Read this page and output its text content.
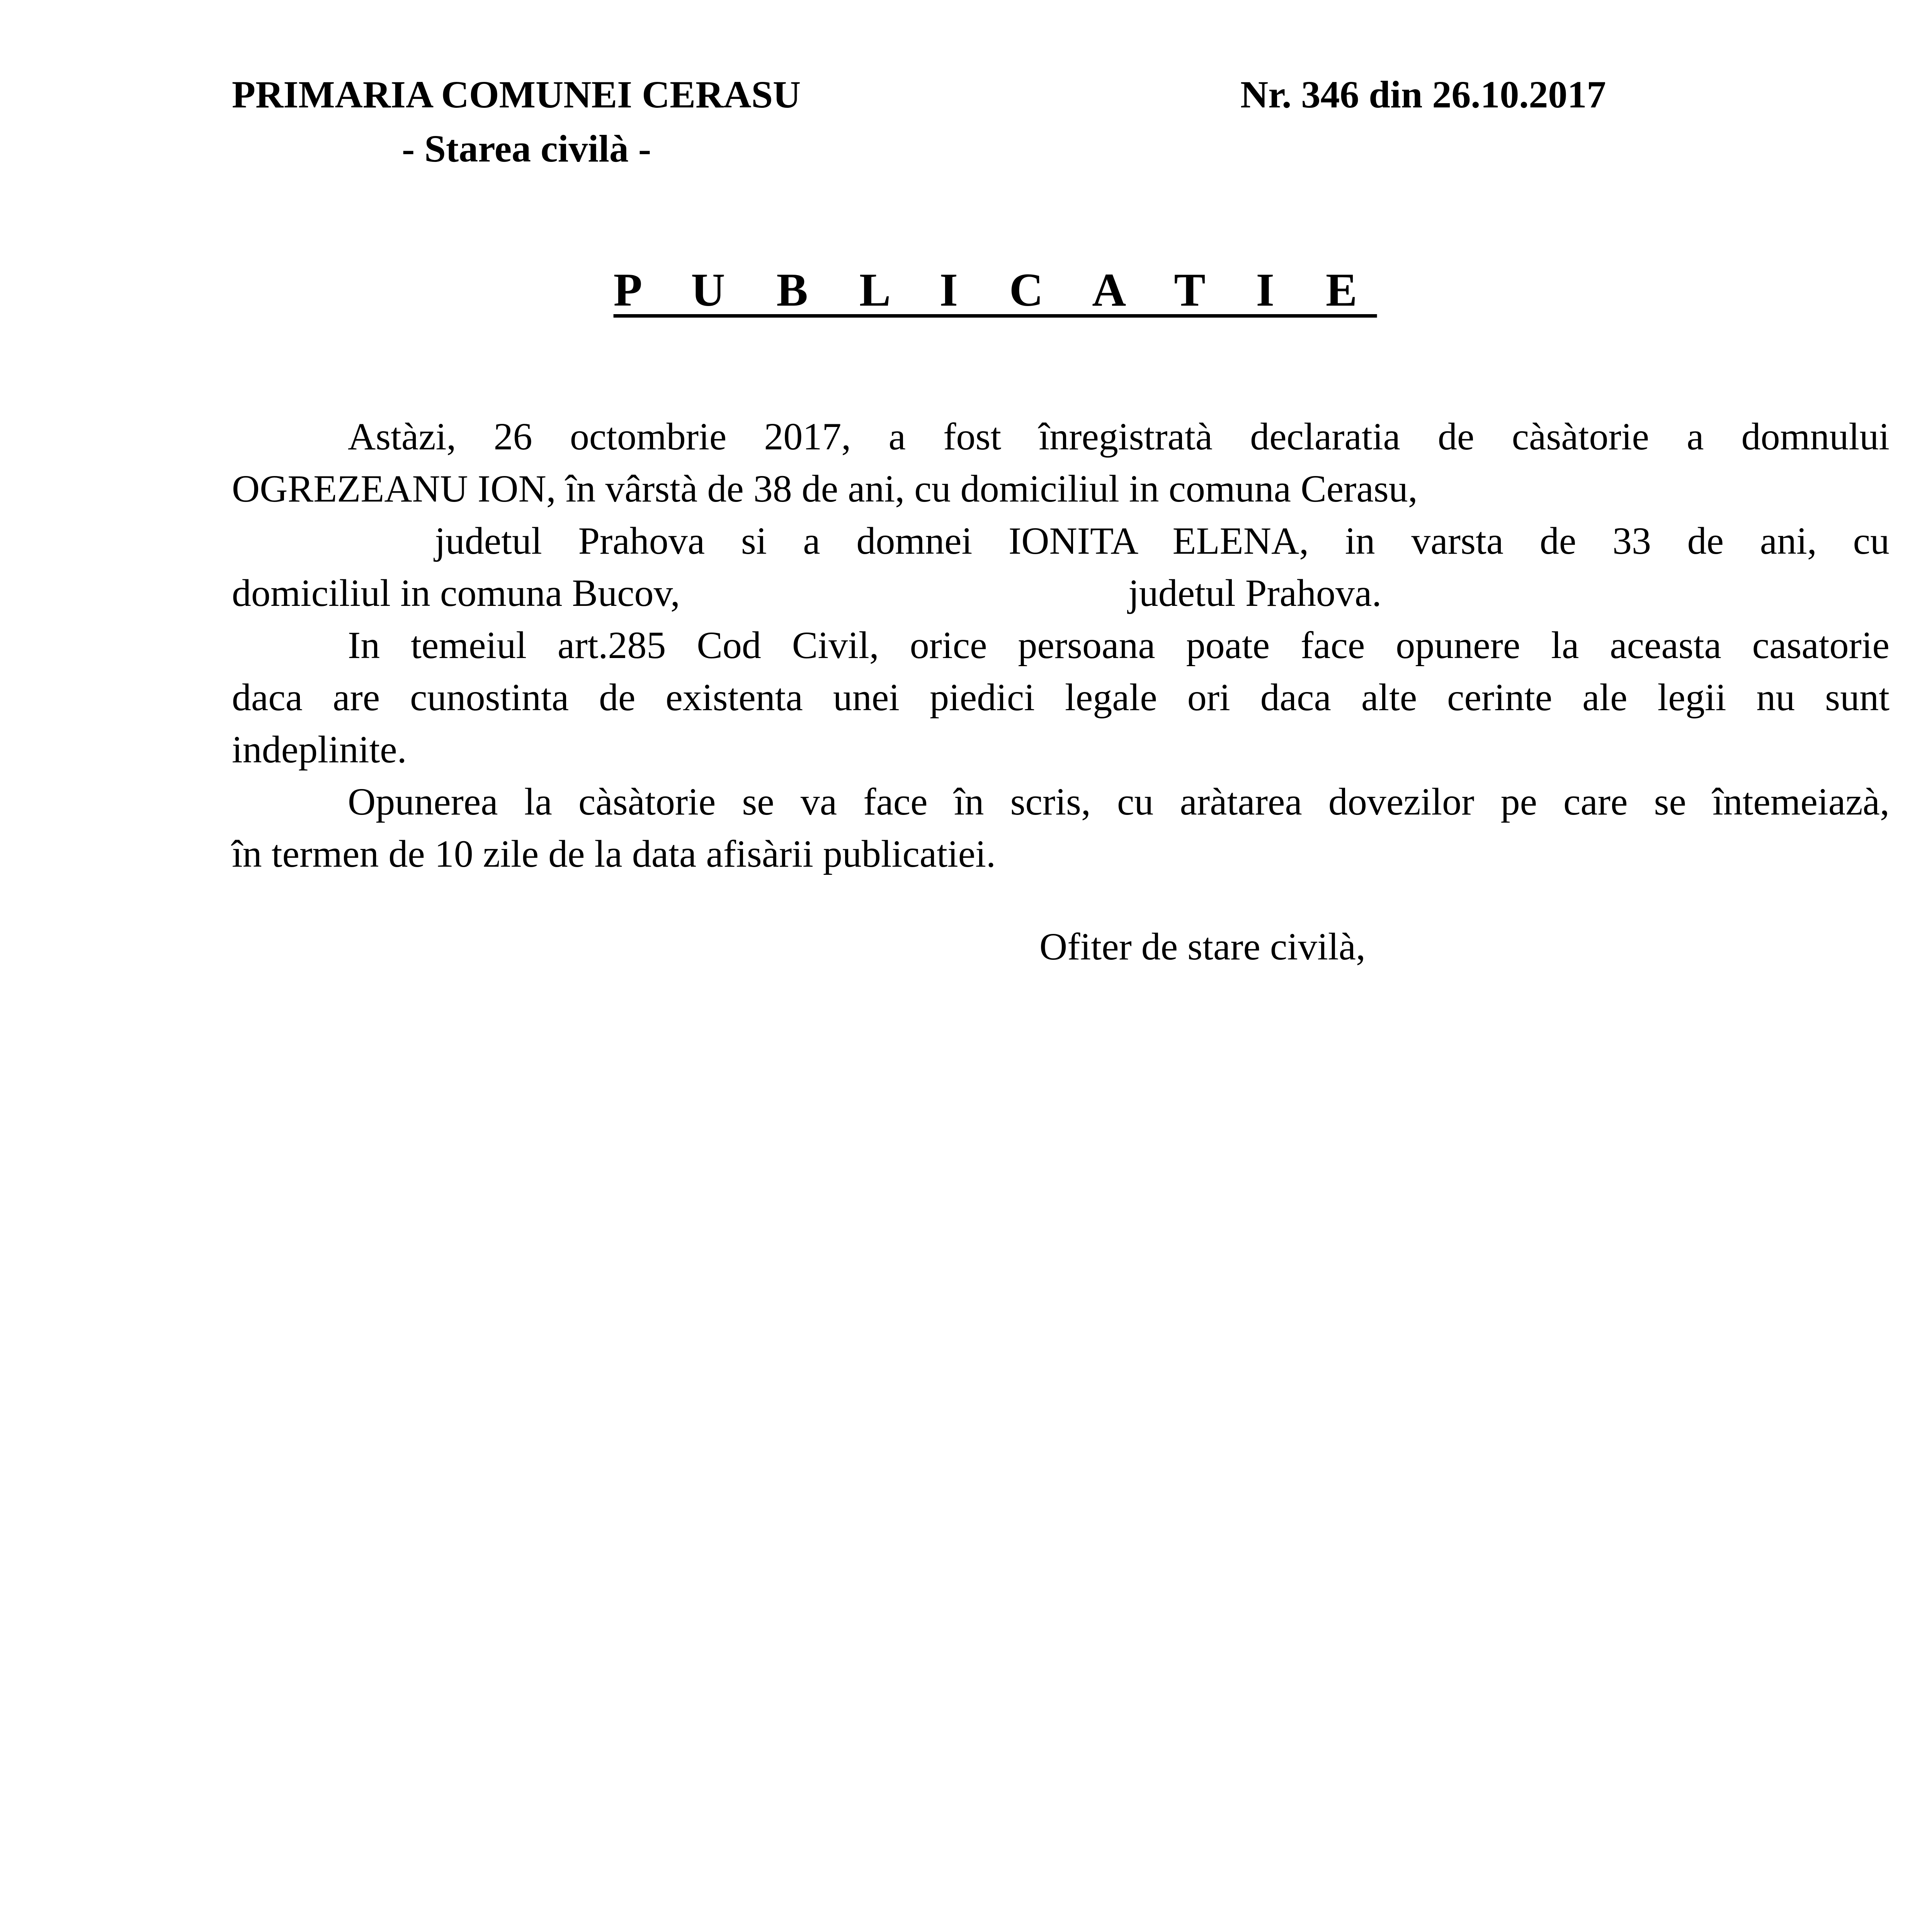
PRIMARIA COMUNEI CERASU
- Starea civilà -
Nr. 346 din 26.10.2017
P U B L I C A T I E
Astàzi, 26 octombrie 2017, a fost înregistratà declaratia de càsàtorie a domnului
OGREZEANU ION, în vârstà de 38 de ani, cu domiciliul in comuna Cerasu,
judetul Prahova si a domnei IONITA ELENA, in varsta de 33 de ani, cu
domiciliul in comuna Bucov,	judetul Prahova.
In temeiul art.285 Cod Civil, orice persoana poate face opunere la aceasta casatorie
daca are cunostinta de existenta unei piedici legale ori daca alte cerinte ale legii nu sunt
indeplinite.
Opunerea la càsàtorie se va face în scris, cu aràtarea dovezilor pe care se întemeiazà,
în termen de 10 zile de la data afisàrii publicatiei.
Ofiter de stare civilà,
